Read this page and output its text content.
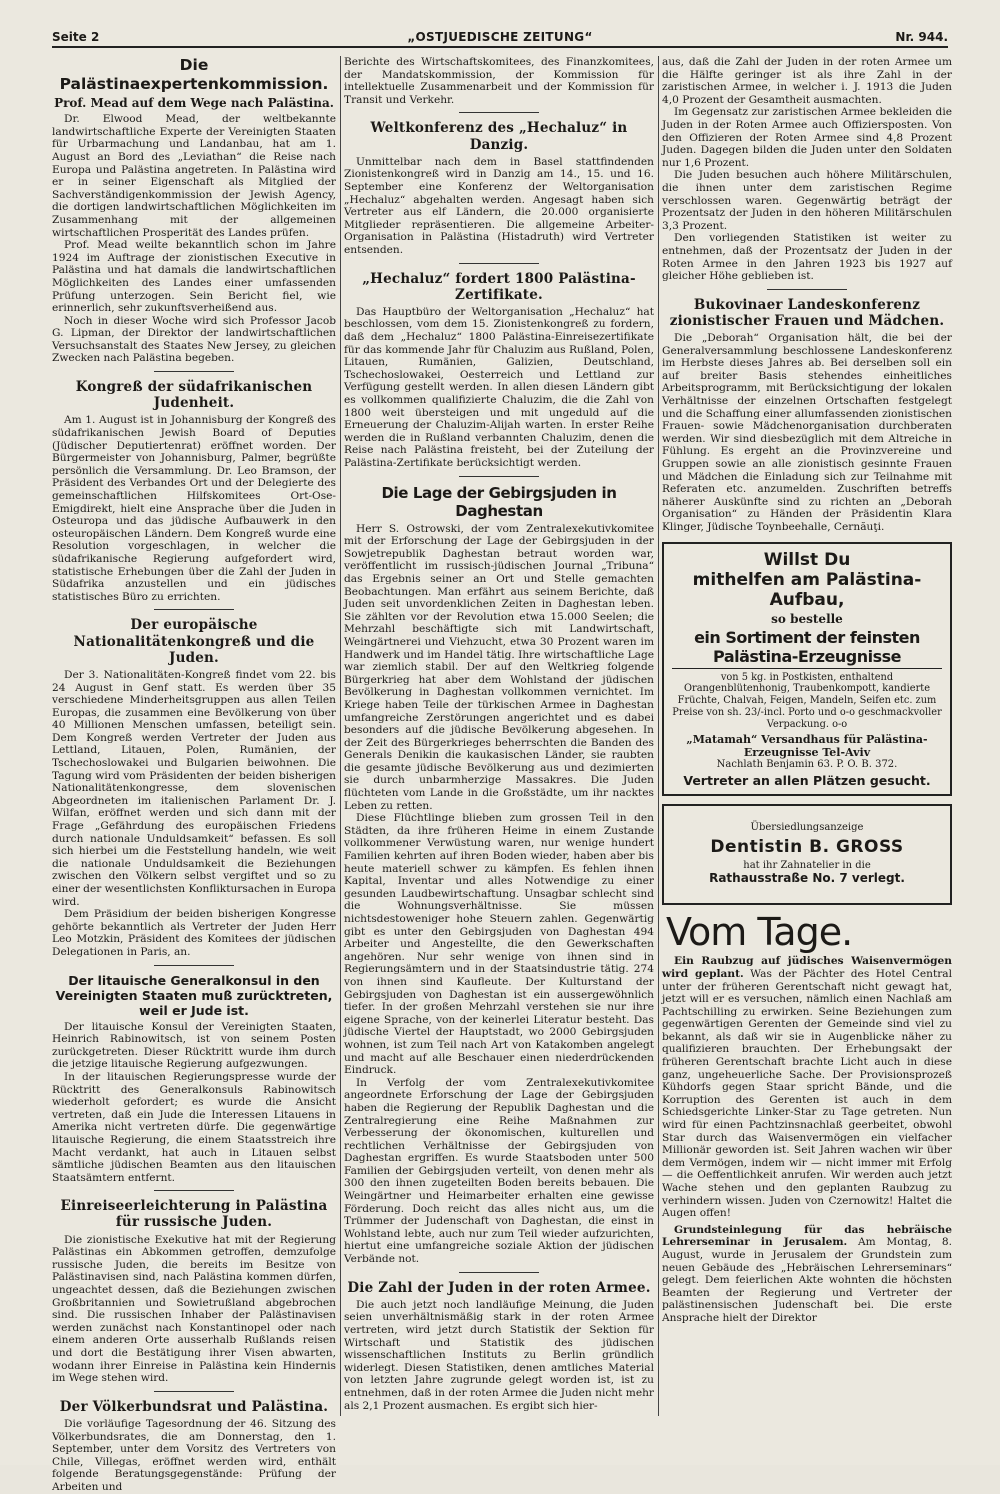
Seite 2	„OSTJUEDISCHE ZEITUNG“	Nr. 944.
Die Palästinaexpertenkommission.
Prof. Mead auf dem Wege nach Palästina.

Dr. Elwood Mead, der weltbekannte landwirtschaftliche Experte der Vereinigten Staaten für Urbarmachung und Landanbau, hat am 1. August an Bord des „Leviathan“ die Reise nach Europa und Palästina angetreten. In Palästina wird er in seiner Eigenschaft als Mitglied der Sachverständigenkommission der Jewish Agency, die dortigen landwirtschaftlichen Möglichkeiten im Zusammenhang mit der allgemeinen wirtschaftlichen Prosperität des Landes prüfen.

Prof. Mead weilte bekanntlich schon im Jahre 1924 im Auftrage der zionistischen Executive in Palästina und hat damals die landwirtschaftlichen Möglichkeiten des Landes einer umfassenden Prüfung unterzogen. Sein Bericht fiel, wie erinnerlich, sehr zukunftsverheißend aus.

Noch in dieser Woche wird sich Professor Jacob G. Lipman, der Direktor der landwirtschaftlichen Versuchsanstalt des Staates New Jersey, zu gleichen Zwecken nach Palästina begeben.

Kongreß der südafrikanischen Judenheit.

Am 1. August ist in Johannisburg der Kongreß des südafrikanischen Jewish Board of Deputies (Jüdischer Deputiertenrat) eröffnet worden. Der Bürgermeister von Johannisburg, Palmer, begrüßte persönlich die Versammlung. Dr. Leo Bramson, der Präsident des Verbandes Ort und der Delegierte des gemeinschaftlichen Hilfskomitees Ort-Ose-Emigdirekt, hielt eine Ansprache über die Juden in Osteuropa und das jüdische Aufbauwerk in den osteuropäischen Ländern. Dem Kongreß wurde eine Resolution vorgeschlagen, in welcher die südafrikanische Regierung aufgefordert wird, statistische Erhebungen über die Zahl der Juden in Südafrika anzustellen und ein jüdisches statistisches Büro zu errichten.

Der europäische Nationalitätenkongreß und die Juden.

Der 3. Nationalitäten-Kongreß findet vom 22. bis 24 August in Genf statt. Es werden über 35 verschiedene Minderheitsgruppen aus allen Teilen Europas, die zusammen eine Bevölkerung von über 40 Millionen Menschen umfassen, beteiligt sein. Dem Kongreß werden Vertreter der Juden aus Lettland, Litauen, Polen, Rumänien, der Tschechoslowakei und Bulgarien beiwohnen. Die Tagung wird vom Präsidenten der beiden bisherigen Nationalitätenkongresse, dem slovenischen Abgeordneten im italienischen Parlament Dr. J. Wilfan, eröffnet werden und sich dann mit der Frage „Gefährdung des europäischen Friedens durch nationale Unduldsamkeit“ befassen. Es soll sich hierbei um die Feststellung handeln, wie weit die nationale Unduldsamkeit die Beziehungen zwischen den Völkern selbst vergiftet und so zu einer der wesentlichsten Konfliktursachen in Europa wird.

Dem Präsidium der beiden bisherigen Kongresse gehörte bekanntlich als Vertreter der Juden Herr Leo Motzkin, Präsident des Komitees der jüdischen Delegationen in Paris, an.

Der litauische Generalkonsul in den Vereinigten Staaten muß zurücktreten, weil er Jude ist.

Der litauische Konsul der Vereinigten Staaten, Heinrich Rabinowitsch, ist von seinem Posten zurückgetreten. Dieser Rücktritt wurde ihm durch die jetzige litauische Regierung aufgezwungen.

In der litauischen Regierungspresse wurde der Rücktritt des Generalkonsuls Rabinowitsch wiederholt gefordert; es wurde die Ansicht vertreten, daß ein Jude die Interessen Litauens in Amerika nicht vertreten dürfe. Die gegenwärtige litauische Regierung, die einem Staatsstreich ihre Macht verdankt, hat auch in Litauen selbst sämtliche jüdischen Beamten aus den litauischen Staatsämtern entfernt.

Einreiseerleichterung in Palästina für russische Juden.

Die zionistische Exekutive hat mit der Regierung Palästinas ein Abkommen getroffen, demzufolge russische Juden, die bereits im Besitze von Palästinavisen sind, nach Palästina kommen dürfen, ungeachtet dessen, daß die Beziehungen zwischen Großbritannien und Sowietrußland abgebrochen sind. Die russischen Inhaber der Palästinavisen werden zunächst nach Konstantinopel oder nach einem anderen Orte ausserhalb Rußlands reisen und dort die Bestätigung ihrer Visen abwarten, wodann ihrer Einreise in Palästina kein Hindernis im Wege stehen wird.

Der Völkerbundsrat und Palästina.

Die vorläufige Tagesordnung der 46. Sitzung des Völkerbundsrates, die am Donnerstag, den 1. September, unter dem Vorsitz des Vertreters von Chile, Villegas, eröffnet werden wird, enthält folgende Beratungsgegenstände: Prüfung der Arbeiten und

Berichte des Wirtschaftskomitees, des Finanzkomitees, der Mandatskommission, der Kommission für intellektuelle Zusammenarbeit und der Kommission für Transit und Verkehr.

Weltkonferenz des „Hechaluz“ in Danzig.

Unmittelbar nach dem in Basel stattfindenden Zionistenkongreß wird in Danzig am 14., 15. und 16. September eine Konferenz der Weltorganisation „Hechaluz“ abgehalten werden. Angesagt haben sich Vertreter aus elf Ländern, die 20.000 organisierte Mitglieder repräsentieren. Die allgemeine Arbeiter-Organisation in Palästina (Histadruth) wird Vertreter entsenden.

„Hechaluz“ fordert 1800 Palästina-Zertifikate.

Das Hauptbüro der Weltorganisation „Hechaluz“ hat beschlossen, vom dem 15. Zionistenkongreß zu fordern, daß dem „Hechaluz“ 1800 Palästina-Einreisezertifikate für das kommende Jahr für Chaluzim aus Rußland, Polen, Litauen, Rumänien, Galizien, Deutschland, Tschechoslowakei, Oesterreich und Lettland zur Verfügung gestellt werden. In allen diesen Ländern gibt es vollkommen qualifizierte Chaluzim, die die Zahl von 1800 weit übersteigen und mit ungeduld auf die Erneuerung der Chaluzim-Alijah warten. In erster Reihe werden die in Rußland verbannten Chaluzim, denen die Reise nach Palästina freisteht, bei der Zuteilung der Palästina-Zertifikate berücksichtigt werden.

Die Lage der Gebirgsjuden in Daghestan

Herr S. Ostrowski, der vom Zentralexekutivkomitee mit der Erforschung der Lage der Gebirgsjuden in der Sowjetrepublik Daghestan betraut worden war, veröffentlicht im russisch-jüdischen Journal „Tribuna“ das Ergebnis seiner an Ort und Stelle gemachten Beobachtungen. Man erfährt aus seinem Berichte, daß Juden seit unvordenklichen Zeiten in Daghestan leben. Sie zählten vor der Revolution etwa 15.000 Seelen; die Mehrzahl beschäftigte sich mit Landwirtschaft, Weingärtnerei und Viehzucht, etwa 30 Prozent waren im Handwerk und im Handel tätig. Ihre wirtschaftliche Lage war ziemlich stabil. Der auf den Weltkrieg folgende Bürgerkrieg hat aber dem Wohlstand der jüdischen Bevölkerung in Daghestan vollkommen vernichtet. Im Kriege haben Teile der türkischen Armee in Daghestan umfangreiche Zerstörungen angerichtet und es dabei besonders auf die jüdische Bevölkerung abgesehen. In der Zeit des Bürgerkrieges beherrschten die Banden des Generals Denikin die kaukasischen Länder, sie raubten die gesamte jüdische Bevölkerung aus und dezimierten sie durch unbarmherzige Massakres. Die Juden flüchteten vom Lande in die Großstädte, um ihr nacktes Leben zu retten.

Diese Flüchtlinge blieben zum grossen Teil in den Städten, da ihre früheren Heime in einem Zustande vollkommener Verwüstung waren, nur wenige hundert Familien kehrten auf ihren Boden wieder, haben aber bis heute materiell schwer zu kämpfen. Es fehlen ihnen Kapital, Inventar und alles Notwendige zu einer gesunden Laudbewirtschaftung. Unsagbar schlecht sind die Wohnungsverhältnisse. Sie müssen nichtsdestoweniger hohe Steuern zahlen. Gegenwärtig gibt es unter den Gebirgsjuden von Daghestan 494 Arbeiter und Angestellte, die den Gewerkschaften angehören. Nur sehr wenige von ihnen sind in Regierungsämtern und in der Staatsindustrie tätig. 274 von ihnen sind Kaufleute. Der Kulturstand der Gebirgsjuden von Daghestan ist ein aussergewöhnlich tiefer. In der großen Mehrzahl verstehen sie nur ihre eigene Sprache, von der keinerlei Literatur besteht. Das jüdische Viertel der Hauptstadt, wo 2000 Gebirgsjuden wohnen, ist zum Teil nach Art von Katakomben angelegt und macht auf alle Beschauer einen niederdrückenden Eindruck.

In Verfolg der vom Zentralexekutivkomitee angeordnete Erforschung der Lage der Gebirgsjuden haben die Regierung der Republik Daghestan und die Zentralregierung eine Reihe Maßnahmen zur Verbesserung der ökonomischen, kulturellen und rechtlichen Verhältnisse der Gebirgsjuden von Daghestan ergriffen. Es wurde Staatsboden unter 500 Familien der Gebirgsjuden verteilt, von denen mehr als 300 den ihnen zugeteilten Boden bereits bebauen. Die Weingärtner und Heimarbeiter erhalten eine gewisse Förderung. Doch reicht das alles nicht aus, um die Trümmer der Judenschaft von Daghestan, die einst in Wohlstand lebte, auch nur zum Teil wieder aufzurichten, hiertut eine umfangreiche soziale Aktion der jüdischen Verbände not.

Die Zahl der Juden in der roten Armee.

Die auch jetzt noch landläufige Meinung, die Juden seien unverhältnismäßig stark in der roten Armee vertreten, wird jetzt durch Statistik der Sektion für Wirtschaft und Statistik des jüdischen wissenschaftlichen Instituts zu Berlin gründlich widerlegt. Diesen Statistiken, denen amtliches Material von letzten Jahre zugrunde gelegt worden ist, ist zu entnehmen, daß in der roten Armee die Juden nicht mehr als 2,1 Prozent ausmachen. Es ergibt sich hier-

aus, daß die Zahl der Juden in der roten Armee um die Hälfte geringer ist als ihre Zahl in der zaristischen Armee, in welcher i. J. 1913 die Juden 4,0 Prozent der Gesamtheit ausmachten.

Im Gegensatz zur zaristischen Armee bekleiden die Juden in der Roten Armee auch Offiziersposten. Von den Offizieren der Roten Armee sind 4,8 Prozent Juden. Dagegen bilden die Juden unter den Soldaten nur 1,6 Prozent.

Die Juden besuchen auch höhere Militärschulen, die ihnen unter dem zaristischen Regime verschlossen waren. Gegenwärtig beträgt der Prozentsatz der Juden in den höheren Militärschulen 3,3 Prozent.

Den vorliegenden Statistiken ist weiter zu entnehmen, daß der Prozentsatz der Juden in der Roten Armee in den Jahren 1923 bis 1927 auf gleicher Höhe geblieben ist.

Bukovinaer Landeskonferenz zionistischer Frauen und Mädchen.

Die „Deborah“ Organisation hält, die bei der Generalversammlung beschlossene Landeskonferenz im Herbste dieses Jahres ab. Bei derselben soll ein auf breiter Basis stehendes einheitliches Arbeitsprogramm, mit Berücksichtigung der lokalen Verhältnisse der einzelnen Ortschaften festgelegt und die Schaffung einer allumfassenden zionistischen Frauen- sowie Mädchenorganisation durchberaten werden. Wir sind diesbezüglich mit dem Altreiche in Fühlung. Es ergeht an die Provinzvereine und Gruppen sowie an alle zionistisch gesinnte Frauen und Mädchen die Einladung sich zur Teilnahme mit Referaten etc. anzumelden. Zuschriften betreffs näherer Auskünfte sind zu richten an „Deborah Organisation“ zu Händen der Präsidentin Klara Klinger, Jüdische Toynbeehalle, Cernăuţi.

Willst Du
mithelfen am Palästina-Aufbau,
so bestelle
ein Sortiment der feinsten Palästina-Erzeugnisse
von 5 kg. in Postkisten, enthaltend Orangenblütenhonig, Traubenkompott, kandierte Früchte, Chalvah, Feigen, Mandeln, Seifen etc. zum Preise von sh. 23/-incl. Porto und o-o geschmackvoller Verpackung. o-o
„Matamah“ Versandhaus für Palästina-Erzeugnisse Tel-Aviv
Nachlath Benjamin 63. P. O. B. 372.
Vertreter an allen Plätzen gesucht.
Übersiedlungsanzeige
Dentistin B. GROSS
hat ihr Zahnatelier in die
Rathausstraße No. 7 verlegt.
Vom Tage.

Ein Raubzug auf jüdisches Waisenvermögen wird geplant. Was der Pächter des Hotel Central unter der früheren Gerentschaft nicht gewagt hat, jetzt will er es versuchen, nämlich einen Nachlaß am Pachtschilling zu erwirken. Seine Beziehungen zum gegenwärtigen Gerenten der Gemeinde sind viel zu bekannt, als daß wir sie in Augenblicke näher zu qualifizieren brauchten. Der Erhebungsakt der früheren Gerentschaft brachte Licht auch in diese ganz, ungeheuerliche Sache. Der Provisionsprozeß Kühdorfs gegen Staar spricht Bände, und die Korruption des Gerenten ist auch in dem Schiedsgerichte Linker-Star zu Tage getreten. Nun wird für einen Pachtzinsnachlaß geerbeitet, obwohl Star durch das Waisenvermögen ein vielfacher Millionär geworden ist. Seit Jahren wachen wir über dem Vermögen, indem wir — nicht immer mit Erfolg — die Oeffentlichkeit anrufen. Wir werden auch jetzt Wache stehen und den geplanten Raubzug zu verhindern wissen. Juden von Czernowitz! Haltet die Augen offen!

Grundsteinlegung für das hebräische Lehrerseminar in Jerusalem. Am Montag, 8. August, wurde in Jerusalem der Grundstein zum neuen Gebäude des „Hebräischen Lehrerseminars“ gelegt. Dem feierlichen Akte wohnten die höchsten Beamten der Regierung und Vertreter der palästinensischen Judenschaft bei. Die erste Ansprache hielt der Direktor
